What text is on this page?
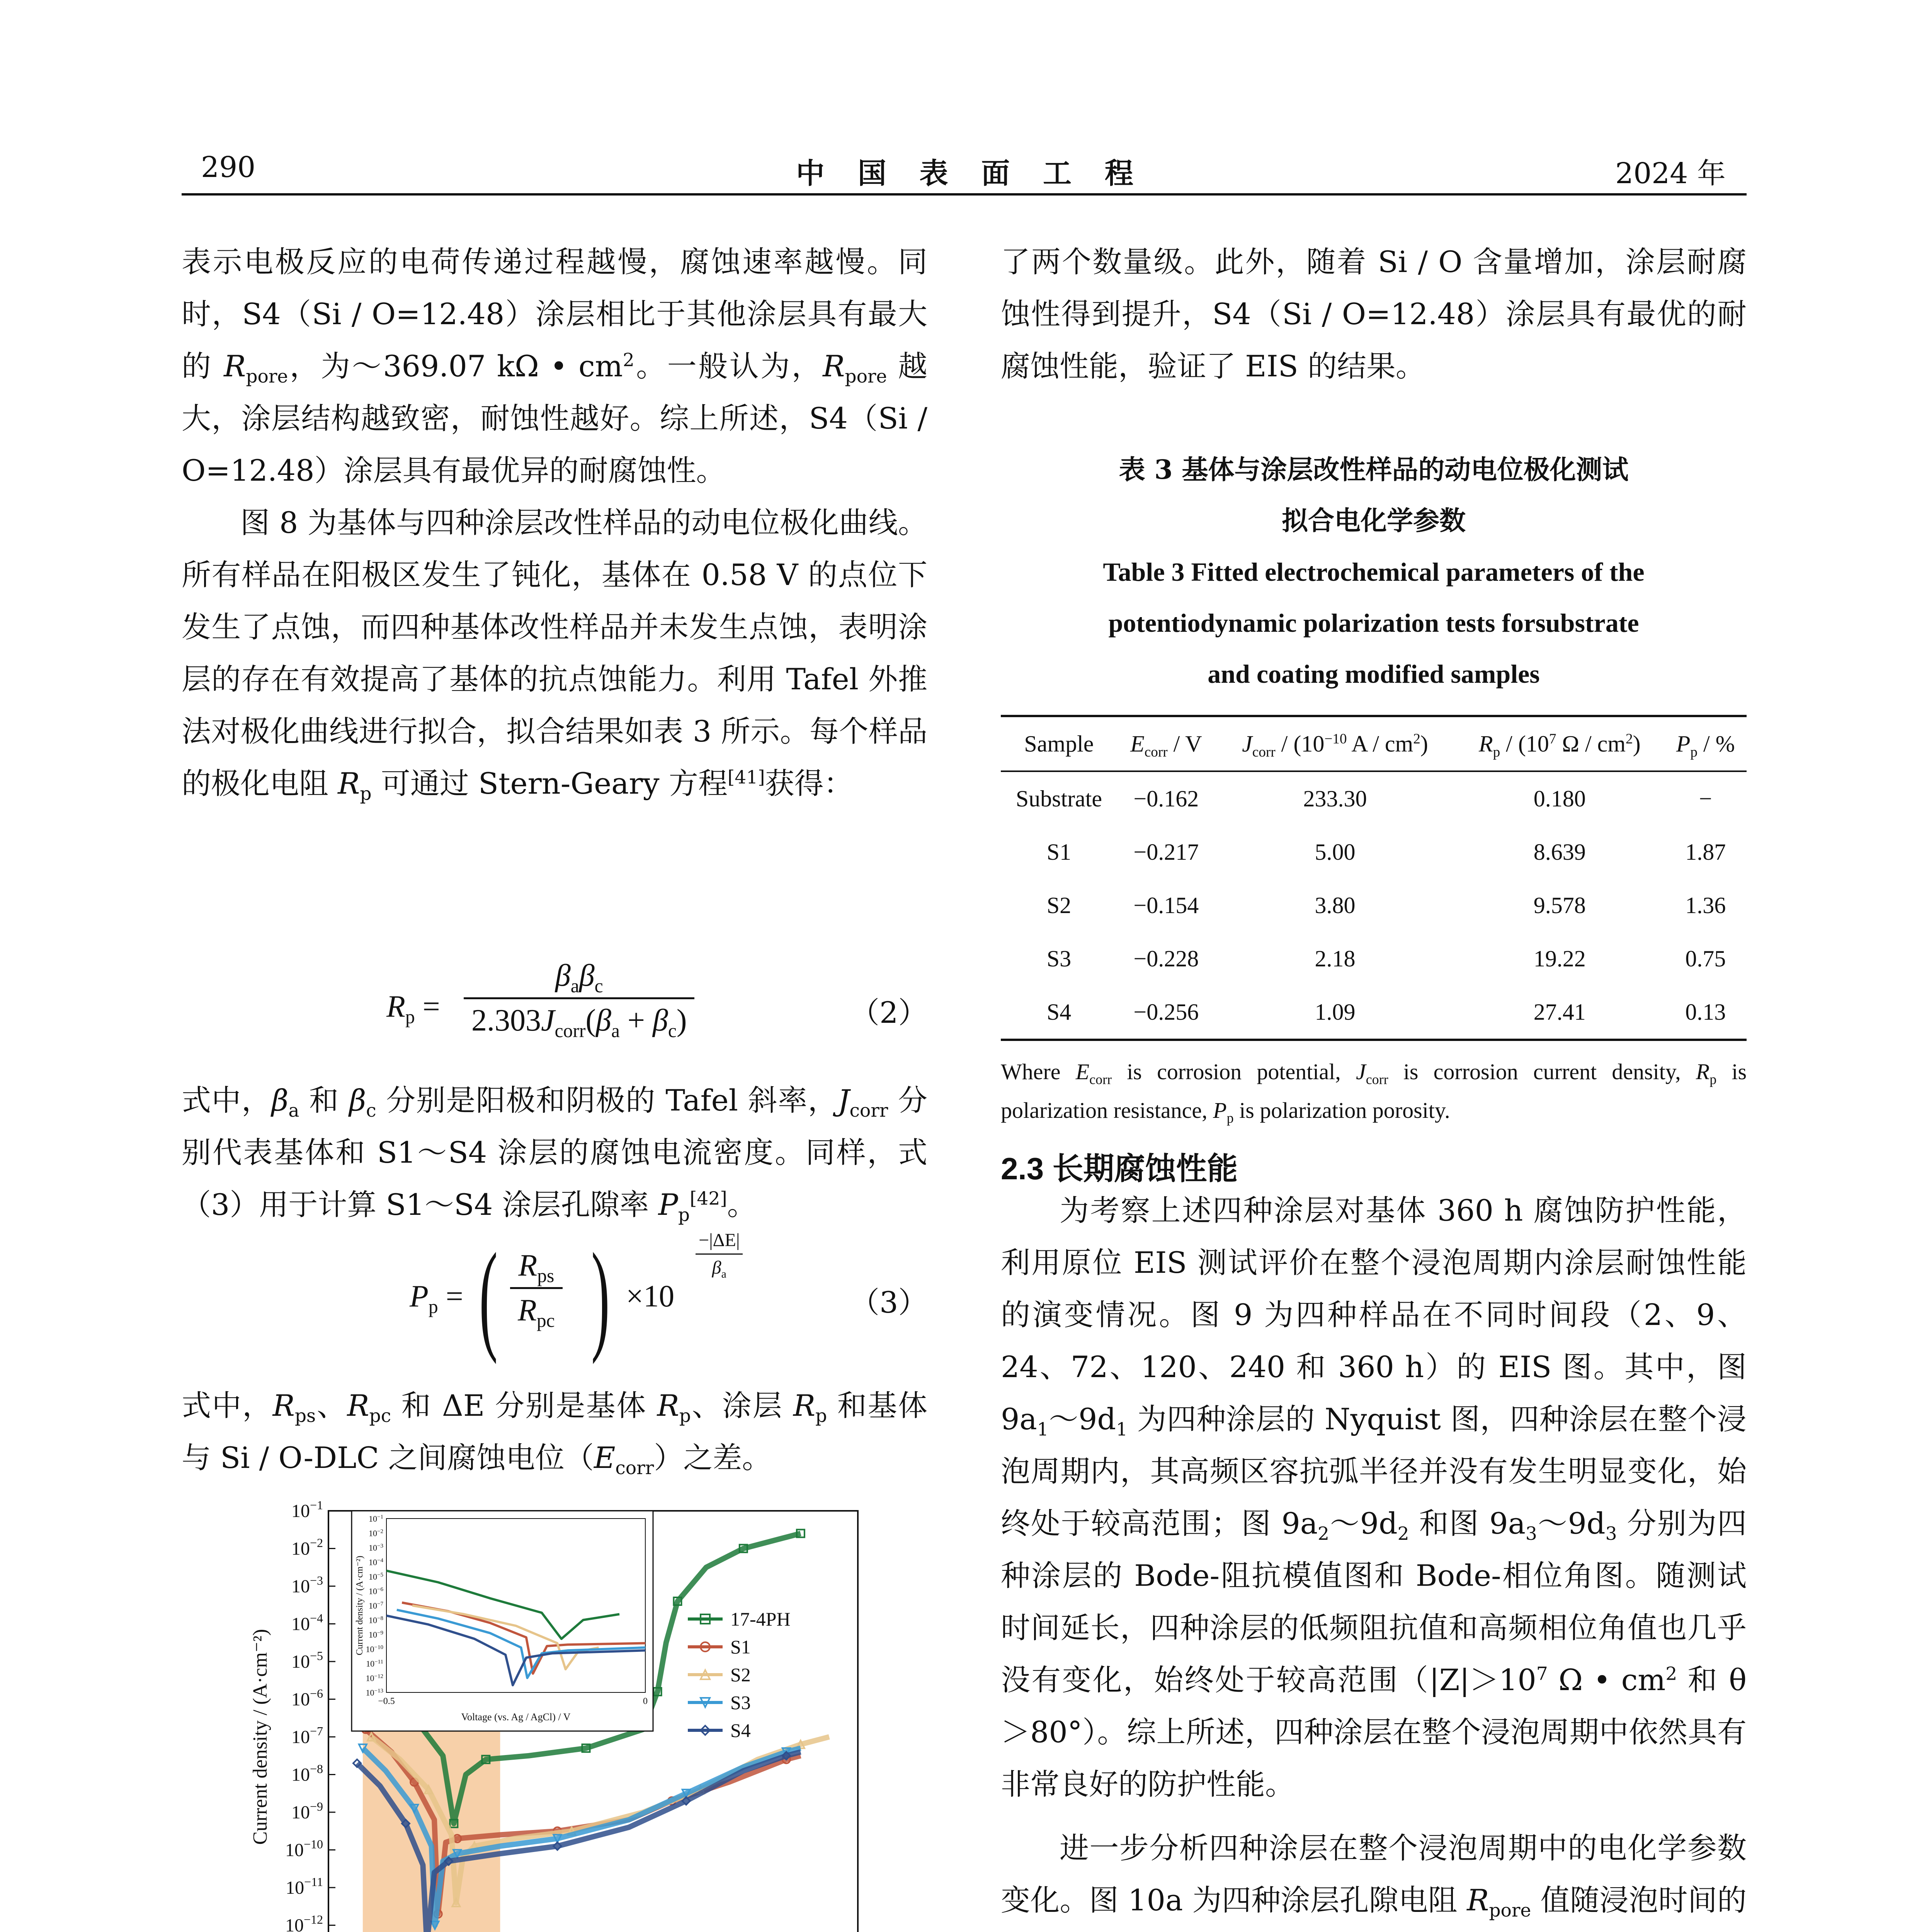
290	中 国 表 面 工 程	2024 年

表示电极反应的电荷传递过程越慢，腐蚀速率越慢。同时，S4（Si / O=12.48）涂层相比于其他涂层具有最大的 $R_{pore}$，为～369.07 kΩ • $cm^2$。一般认为，$R_{pore}$ 越大，涂层结构越致密，耐蚀性越好。综上所述，S4（Si / O=12.48）涂层具有最优异的耐腐蚀性。

图 8 为基体与四种涂层改性样品的动电位极化曲线。所有样品在阳极区发生了钝化，基体在 0.58 V 的点位下发生了点蚀，而四种基体改性样品并未发生点蚀，表明涂层的存在有效提高了基体的抗点蚀能力。利用 Tafel 外推法对极化曲线进行拟合，拟合结果如表 3 所示。每个样品的极化电阻 $R_p$ 可通过 Stern-Geary 方程[41]获得：

$R_p$ =
$\beta_a\beta_c$
$2.303J_{corr}(\beta_a + \beta_c)$	（2）

式中，$\beta_a$ 和 $\beta_c$ 分别是阳极和阴极的 Tafel 斜率，$J_{corr}$ 分别代表基体和 S1～S4 涂层的腐蚀电流密度。同样，式（3）用于计算 S1～S4 涂层孔隙率 $P_p[42]$。

$P_p$ = ( $R_{ps}$
$R_{pc}$ ) ×10
$\frac{-|\Delta E|}{\beta_a}$
（3）

式中，$R_{ps}$、$R_{pc}$ 和 ΔE 分别是基体 $R_p$、涂层 $R_p$ 和基体与 Si / O-DLC 之间腐蚀电位$(E_{corr})$之差。

$10^{-12}$
$10^{-11}$
$10^{-10}$
$10^{-9}$
$10^{-8}$
$10^{-7}$
$10^{-6}$
$10^{-5}$
$10^{-4}$
$10^{-3}$
$10^{-2}$
$10^{-1}$
Current density / (A·cm⁻²)
17-4PH
S1
S2
S3
S4
$10^{-1}$
$10^{-2}$
$10^{-3}$
$10^{-4}$
$10^{-5}$
$10^{-6}$
$10^{-7}$
$10^{-8}$
$10^{-9}$
$10^{-10}$
$10^{-11}$
$10^{-12}$
$10^{-13}$
−0.5	0
Voltage (vs. Ag / AgCl) / V
Current density / (A·cm⁻²)

了两个数量级。此外，随着 Si / O 含量增加，涂层耐腐蚀性得到提升，S4（Si / O=12.48）涂层具有最优的耐腐蚀性能，验证了 EIS 的结果。

表 3 基体与涂层改性样品的动电位极化测试
拟合电化学参数
Table 3 Fitted electrochemical parameters of the
potentiodynamic polarization tests forsubstrate
and coating modified samples
Sample	$E_{corr}$ / V	$J_{corr} / (10^{-10}$ A / $cm^2$)	$R_p / (10^7$ Ω / $cm^2$)	$P_p$ / %
Substrate	−0.162	233.30	0.180	−
S1	−0.217	5.00	8.639	1.87
S2	−0.154	3.80	9.578	1.36
S3	−0.228	2.18	19.22	0.75
S4	−0.256	1.09	27.41	0.13
Where $E_{corr}$ is corrosion potential, $J_{corr}$ is corrosion current density, $R_p$ is polarization resistance, $P_p$ is polarization porosity.
2.3 长期腐蚀性能

为考察上述四种涂层对基体 360 h 腐蚀防护性能，利用原位 EIS 测试评价在整个浸泡周期内涂层耐蚀性能的演变情况。图 9 为四种样品在不同时间段（2、9、24、72、120、240 和 360 h）的 EIS 图。其中，图 $9a_1\sim 9d_1$ 为四种涂层的 Nyquist 图，四种涂层在整个浸泡周期内，其高频区容抗弧半径并没有发生明显变化，始终处于较高范围；图 $9a_2\sim 9d_2$ 和图 $9a_3\sim 9d_3$ 分别为四种涂层的 Bode-阻抗模值图和 Bode-相位角图。随测试时间延长，四种涂层的低频阻抗值和高频相位角值也几乎没有变化，始终处于较高范围（$|Z|>10^7$ Ω • $cm^2$ 和 θ＞80°）。综上所述，四种涂层在整个浸泡周期中依然具有非常良好的防护性能。

进一步分析四种涂层在整个浸泡周期中的电化学参数变化。图 10a 为四种涂层孔隙电阻 $R_{pore}$ 值随浸泡时间的
